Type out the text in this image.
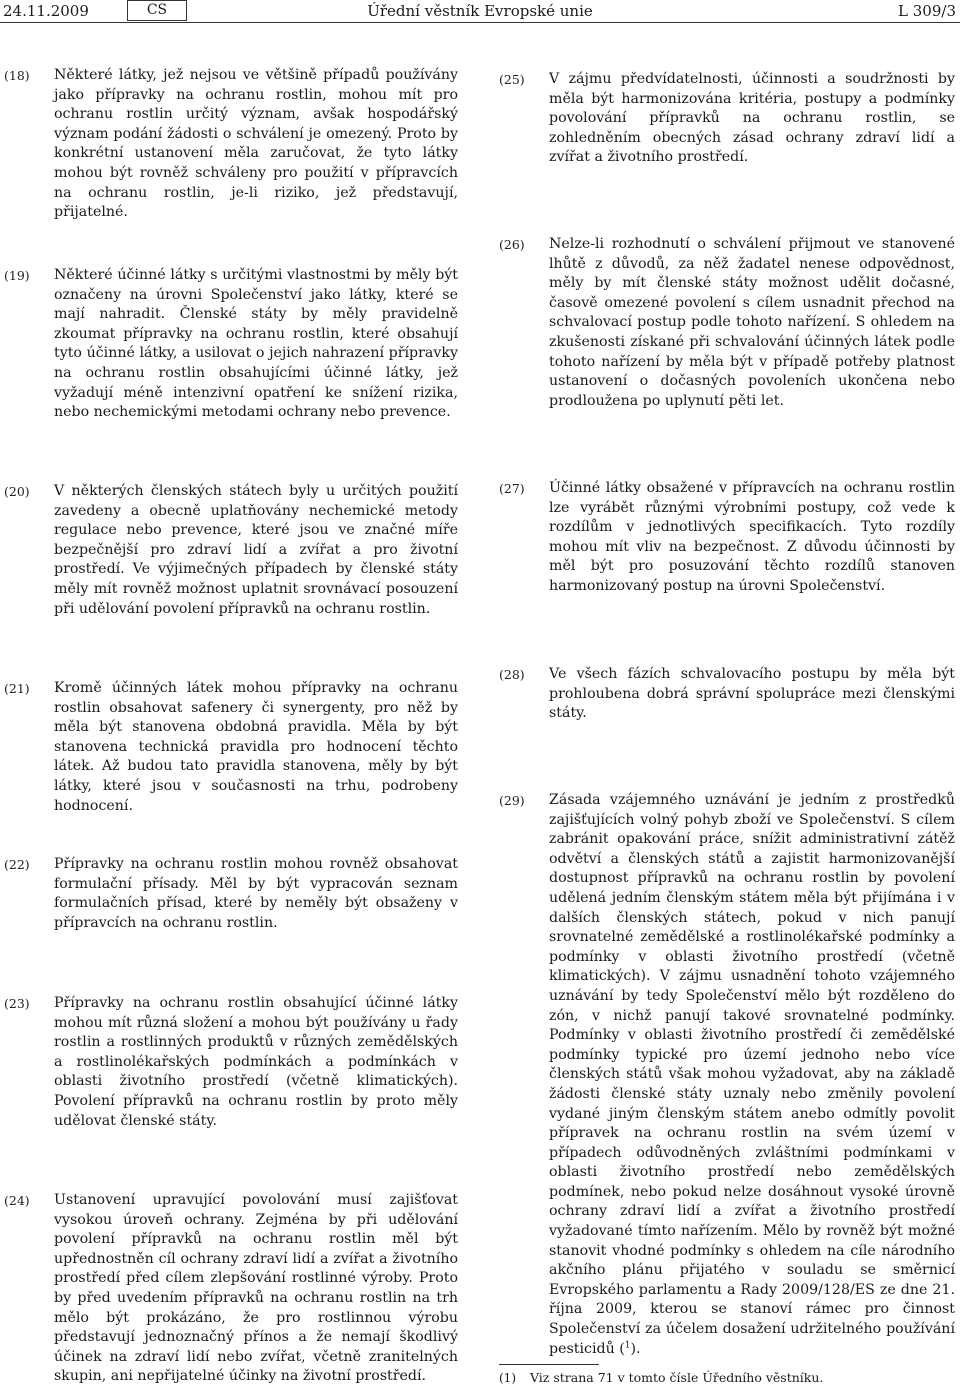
24.11.2009	CS	Úřední věstník Evropské unie	L 309/3
(18) Některé látky, jež nejsou ve většině případů používány jako přípravky na ochranu rostlin, mohou mít pro ochranu rostlin určitý význam, avšak hospodářský význam podání žádosti o schválení je omezený. Proto by konkrétní ustanovení měla zaručovat, že tyto látky mohou být rovněž schváleny pro použití v přípravcích na ochranu rostlin, je-li riziko, jež představují, přijatelné.
(19) Některé účinné látky s určitými vlastnostmi by měly být označeny na úrovni Společenství jako látky, které se mají nahradit. Členské státy by měly pravidelně zkoumat přípravky na ochranu rostlin, které obsahují tyto účinné látky, a usilovat o jejich nahrazení přípravky na ochranu rostlin obsahujícími účinné látky, jež vyžadují méně intenzivní opatření ke snížení rizika, nebo nechemickými metodami ochrany nebo prevence.
(20) V některých členských státech byly u určitých použití zavedeny a obecně uplatňovány nechemické metody regulace nebo prevence, které jsou ve značné míře bezpečnější pro zdraví lidí a zvířat a pro životní prostředí. Ve výjimečných případech by členské státy měly mít rovněž možnost uplatnit srovnávací posouzení při udělování povolení přípravků na ochranu rostlin.
(21) Kromě účinných látek mohou přípravky na ochranu rostlin obsahovat safenery či synergenty, pro něž by měla být stanovena obdobná pravidla. Měla by být stanovena technická pravidla pro hodnocení těchto látek. Až budou tato pravidla stanovena, měly by být látky, které jsou v současnosti na trhu, podrobeny hodnocení.
(22) Přípravky na ochranu rostlin mohou rovněž obsahovat formulační přísady. Měl by být vypracován seznam formulačních přísad, které by neměly být obsaženy v přípravcích na ochranu rostlin.
(23) Přípravky na ochranu rostlin obsahující účinné látky mohou mít různá složení a mohou být používány u řady rostlin a rostlinných produktů v různých zemědělských a rostlinolékařských podmínkách a podmínkách v oblasti životního prostředí (včetně klimatických). Povolení přípravků na ochranu rostlin by proto měly udělovat členské státy.
(24) Ustanovení upravující povolování musí zajišťovat vysokou úroveň ochrany. Zejména by při udělování povolení přípravků na ochranu rostlin měl být upřednostněn cíl ochrany zdraví lidí a zvířat a životního prostředí před cílem zlepšování rostlinné výroby. Proto by před uvedením přípravků na ochranu rostlin na trh mělo být prokázáno, že pro rostlinnou výrobu představují jednoznačný přínos a že nemají škodlivý účinek na zdraví lidí nebo zvířat, včetně zranitelných skupin, ani nepřijatelné účinky na životní prostředí.
(25) V zájmu předvídatelnosti, účinnosti a soudržnosti by měla být harmonizována kritéria, postupy a podmínky povolování přípravků na ochranu rostlin, se zohledněním obecných zásad ochrany zdraví lidí a zvířat a životního prostředí.
(26) Nelze-li rozhodnutí o schválení přijmout ve stanovené lhůtě z důvodů, za něž žadatel nenese odpovědnost, měly by mít členské státy možnost udělit dočasné, časově omezené povolení s cílem usnadnit přechod na schvalovací postup podle tohoto nařízení. S ohledem na zkušenosti získané při schvalování účinných látek podle tohoto nařízení by měla být v případě potřeby platnost ustanovení o dočasných povoleních ukončena nebo prodloužena po uplynutí pěti let.
(27) Účinné látky obsažené v přípravcích na ochranu rostlin lze vyrábět různými výrobními postupy, což vede k rozdílům v jednotlivých specifikacích. Tyto rozdíly mohou mít vliv na bezpečnost. Z důvodu účinnosti by měl být pro posuzování těchto rozdílů stanoven harmonizovaný postup na úrovni Společenství.
(28) Ve všech fázích schvalovacího postupu by měla být prohloubena dobrá správní spolupráce mezi členskými státy.
(29) Zásada vzájemného uznávání je jedním z prostředků zajišťujících volný pohyb zboží ve Společenství. S cílem zabránit opakování práce, snížit administrativní zátěž odvětví a členských států a zajistit harmonizovanější dostupnost přípravků na ochranu rostlin by povolení udělená jedním členským státem měla být přijímána i v dalších členských státech, pokud v nich panují srovnatelné zemědělské a rostlinolékařské podmínky a podmínky v oblasti životního prostředí (včetně klimatických). V zájmu usnadnění tohoto vzájemného uznávání by tedy Společenství mělo být rozděleno do zón, v nichž panují takové srovnatelné podmínky. Podmínky v oblasti životního prostředí či zemědělské podmínky typické pro území jednoho nebo více členských států však mohou vyžadovat, aby na základě žádosti členské státy uznaly nebo změnily povolení vydané jiným členským státem anebo odmítly povolit přípravek na ochranu rostlin na svém území v případech odůvodněných zvláštními podmínkami v oblasti životního prostředí nebo zemědělských podmínek, nebo pokud nelze dosáhnout vysoké úrovně ochrany zdraví lidí a zvířat a životního prostředí vyžadované tímto nařízením. Mělo by rovněž být možné stanovit vhodné podmínky s ohledem na cíle národního akčního plánu přijatého v souladu se směrnicí Evropského parlamentu a Rady 2009/128/ES ze dne 21. října 2009, kterou se stanoví rámec pro činnost Společenství za účelem dosažení udržitelného používání pesticidů ($^1$).
(1) Viz strana 71 v tomto čísle Úředního věstníku.
